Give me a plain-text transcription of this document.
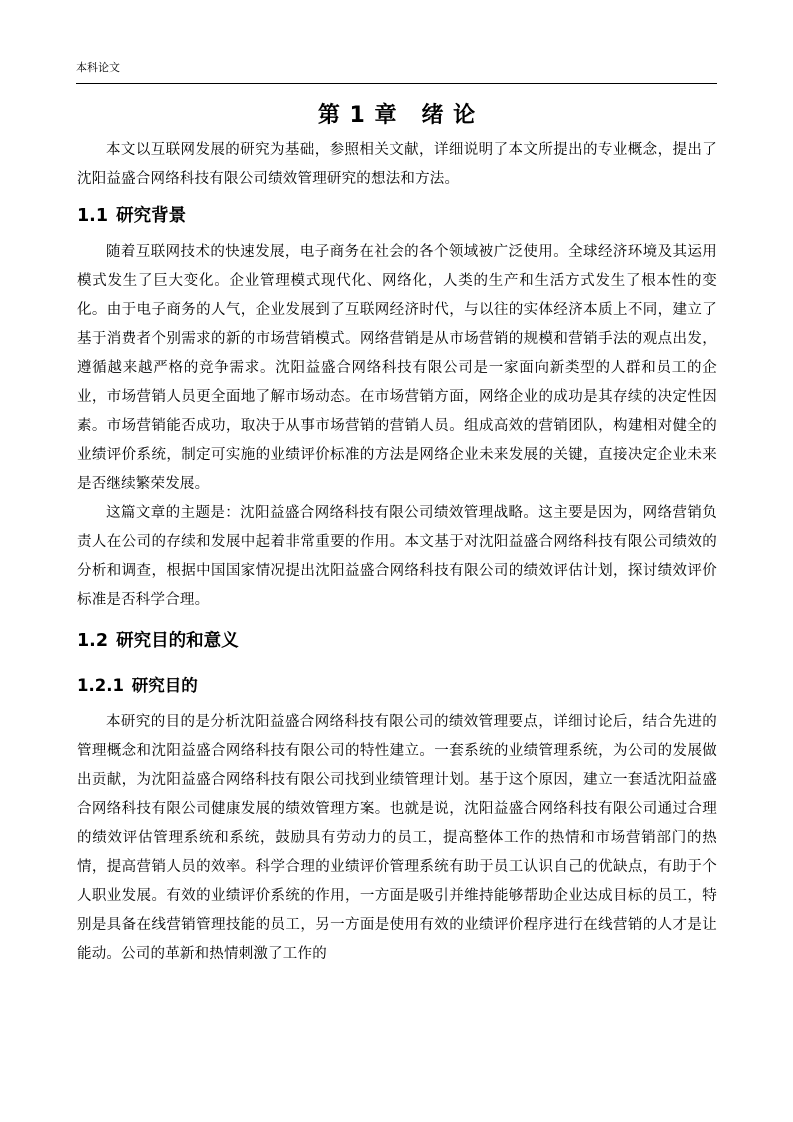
本科论文
第 1 章 绪 论

本文以互联网发展的研究为基础，参照相关文献，详细说明了本文所提出的专业概念，提出了沈阳益盛合网络科技有限公司绩效管理研究的想法和方法。

1.1 研究背景

随着互联网技术的快速发展，电子商务在社会的各个领域被广泛使用。全球经济环境及其运用模式发生了巨大变化。企业管理模式现代化、网络化，人类的生产和生活方式发生了根本性的变化。由于电子商务的人气，企业发展到了互联网经济时代，与以往的实体经济本质上不同，建立了基于消费者个别需求的新的市场营销模式。网络营销是从市场营销的规模和营销手法的观点出发，遵循越来越严格的竞争需求。沈阳益盛合网络科技有限公司是一家面向新类型的人群和员工的企业，市场营销人员更全面地了解市场动态。在市场营销方面，网络企业的成功是其存续的决定性因素。市场营销能否成功，取决于从事市场营销的营销人员。组成高效的营销团队，构建相对健全的业绩评价系统，制定可实施的业绩评价标准的方法是网络企业未来发展的关键，直接决定企业未来是否继续繁荣发展。

这篇文章的主题是：沈阳益盛合网络科技有限公司绩效管理战略。这主要是因为，网络营销负责人在公司的存续和发展中起着非常重要的作用。本文基于对沈阳益盛合网络科技有限公司绩效的分析和调查，根据中国国家情况提出沈阳益盛合网络科技有限公司的绩效评估计划，探讨绩效评价标准是否科学合理。

1.2 研究目的和意义
1.2.1 研究目的

本研究的目的是分析沈阳益盛合网络科技有限公司的绩效管理要点，详细讨论后，结合先进的管理概念和沈阳益盛合网络科技有限公司的特性建立。一套系统的业绩管理系统，为公司的发展做出贡献，为沈阳益盛合网络科技有限公司找到业绩管理计划。基于这个原因，建立一套适沈阳益盛合网络科技有限公司健康发展的绩效管理方案。也就是说，沈阳益盛合网络科技有限公司通过合理的绩效评估管理系统和系统，鼓励具有劳动力的员工，提高整体工作的热情和市场营销部门的热情，提高营销人员的效率。科学合理的业绩评价管理系统有助于员工认识自己的优缺点，有助于个人职业发展。有效的业绩评价系统的作用，一方面是吸引并维持能够帮助企业达成目标的员工，特别是具备在线营销管理技能的员工，另一方面是使用有效的业绩评价程序进行在线营销的人才是让能动。公司的革新和热情刺激了工作的
